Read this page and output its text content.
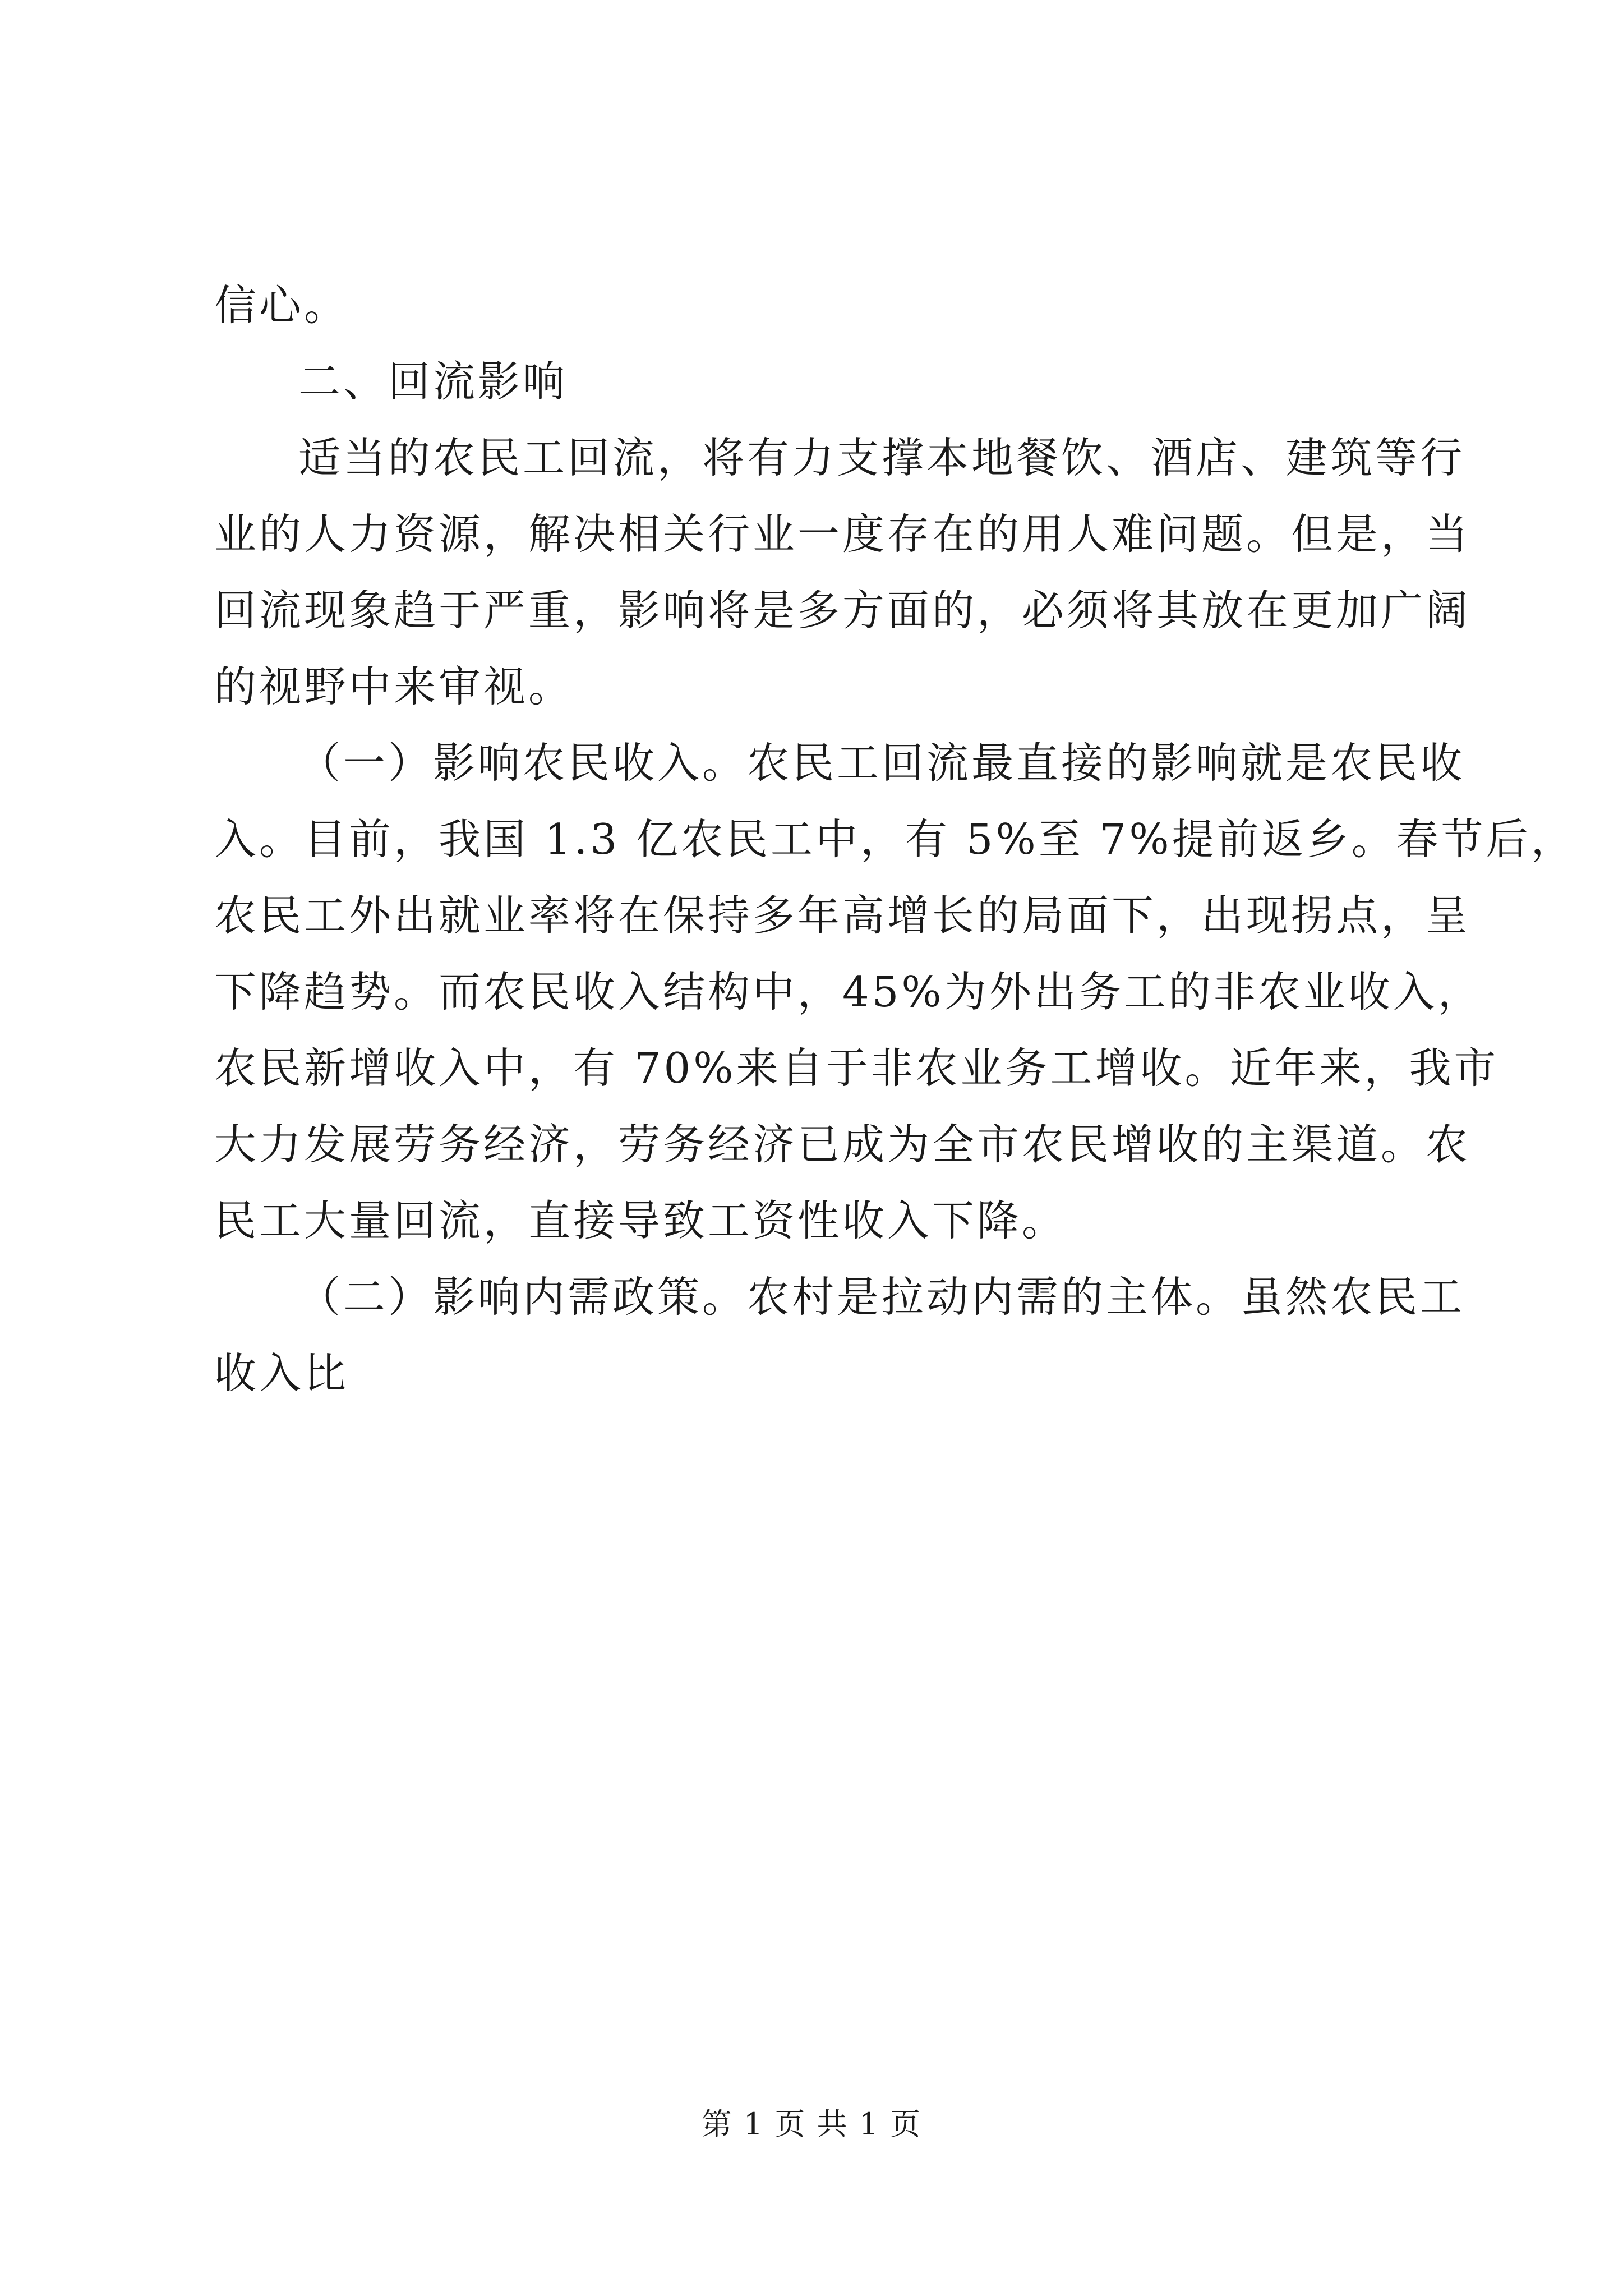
信心。
二、回流影响
适当的农民工回流，将有力支撑本地餐饮、酒店、建筑等行
业的人力资源，解决相关行业一度存在的用人难问题。但是，当
回流现象趋于严重，影响将是多方面的，必须将其放在更加广阔
的视野中来审视。
（一）影响农民收入。农民工回流最直接的影响就是农民收
入。目前，我国 1.3 亿农民工中，有 5%至 7%提前返乡。春节后，
农民工外出就业率将在保持多年高增长的局面下，出现拐点，呈
下降趋势。而农民收入结构中，45%为外出务工的非农业收入，
农民新增收入中，有 70%来自于非农业务工增收。近年来，我市
大力发展劳务经济，劳务经济已成为全市农民增收的主渠道。农
民工大量回流，直接导致工资性收入下降。
（二）影响内需政策。农村是拉动内需的主体。虽然农民工
收入比
第 1 页 共 1 页
